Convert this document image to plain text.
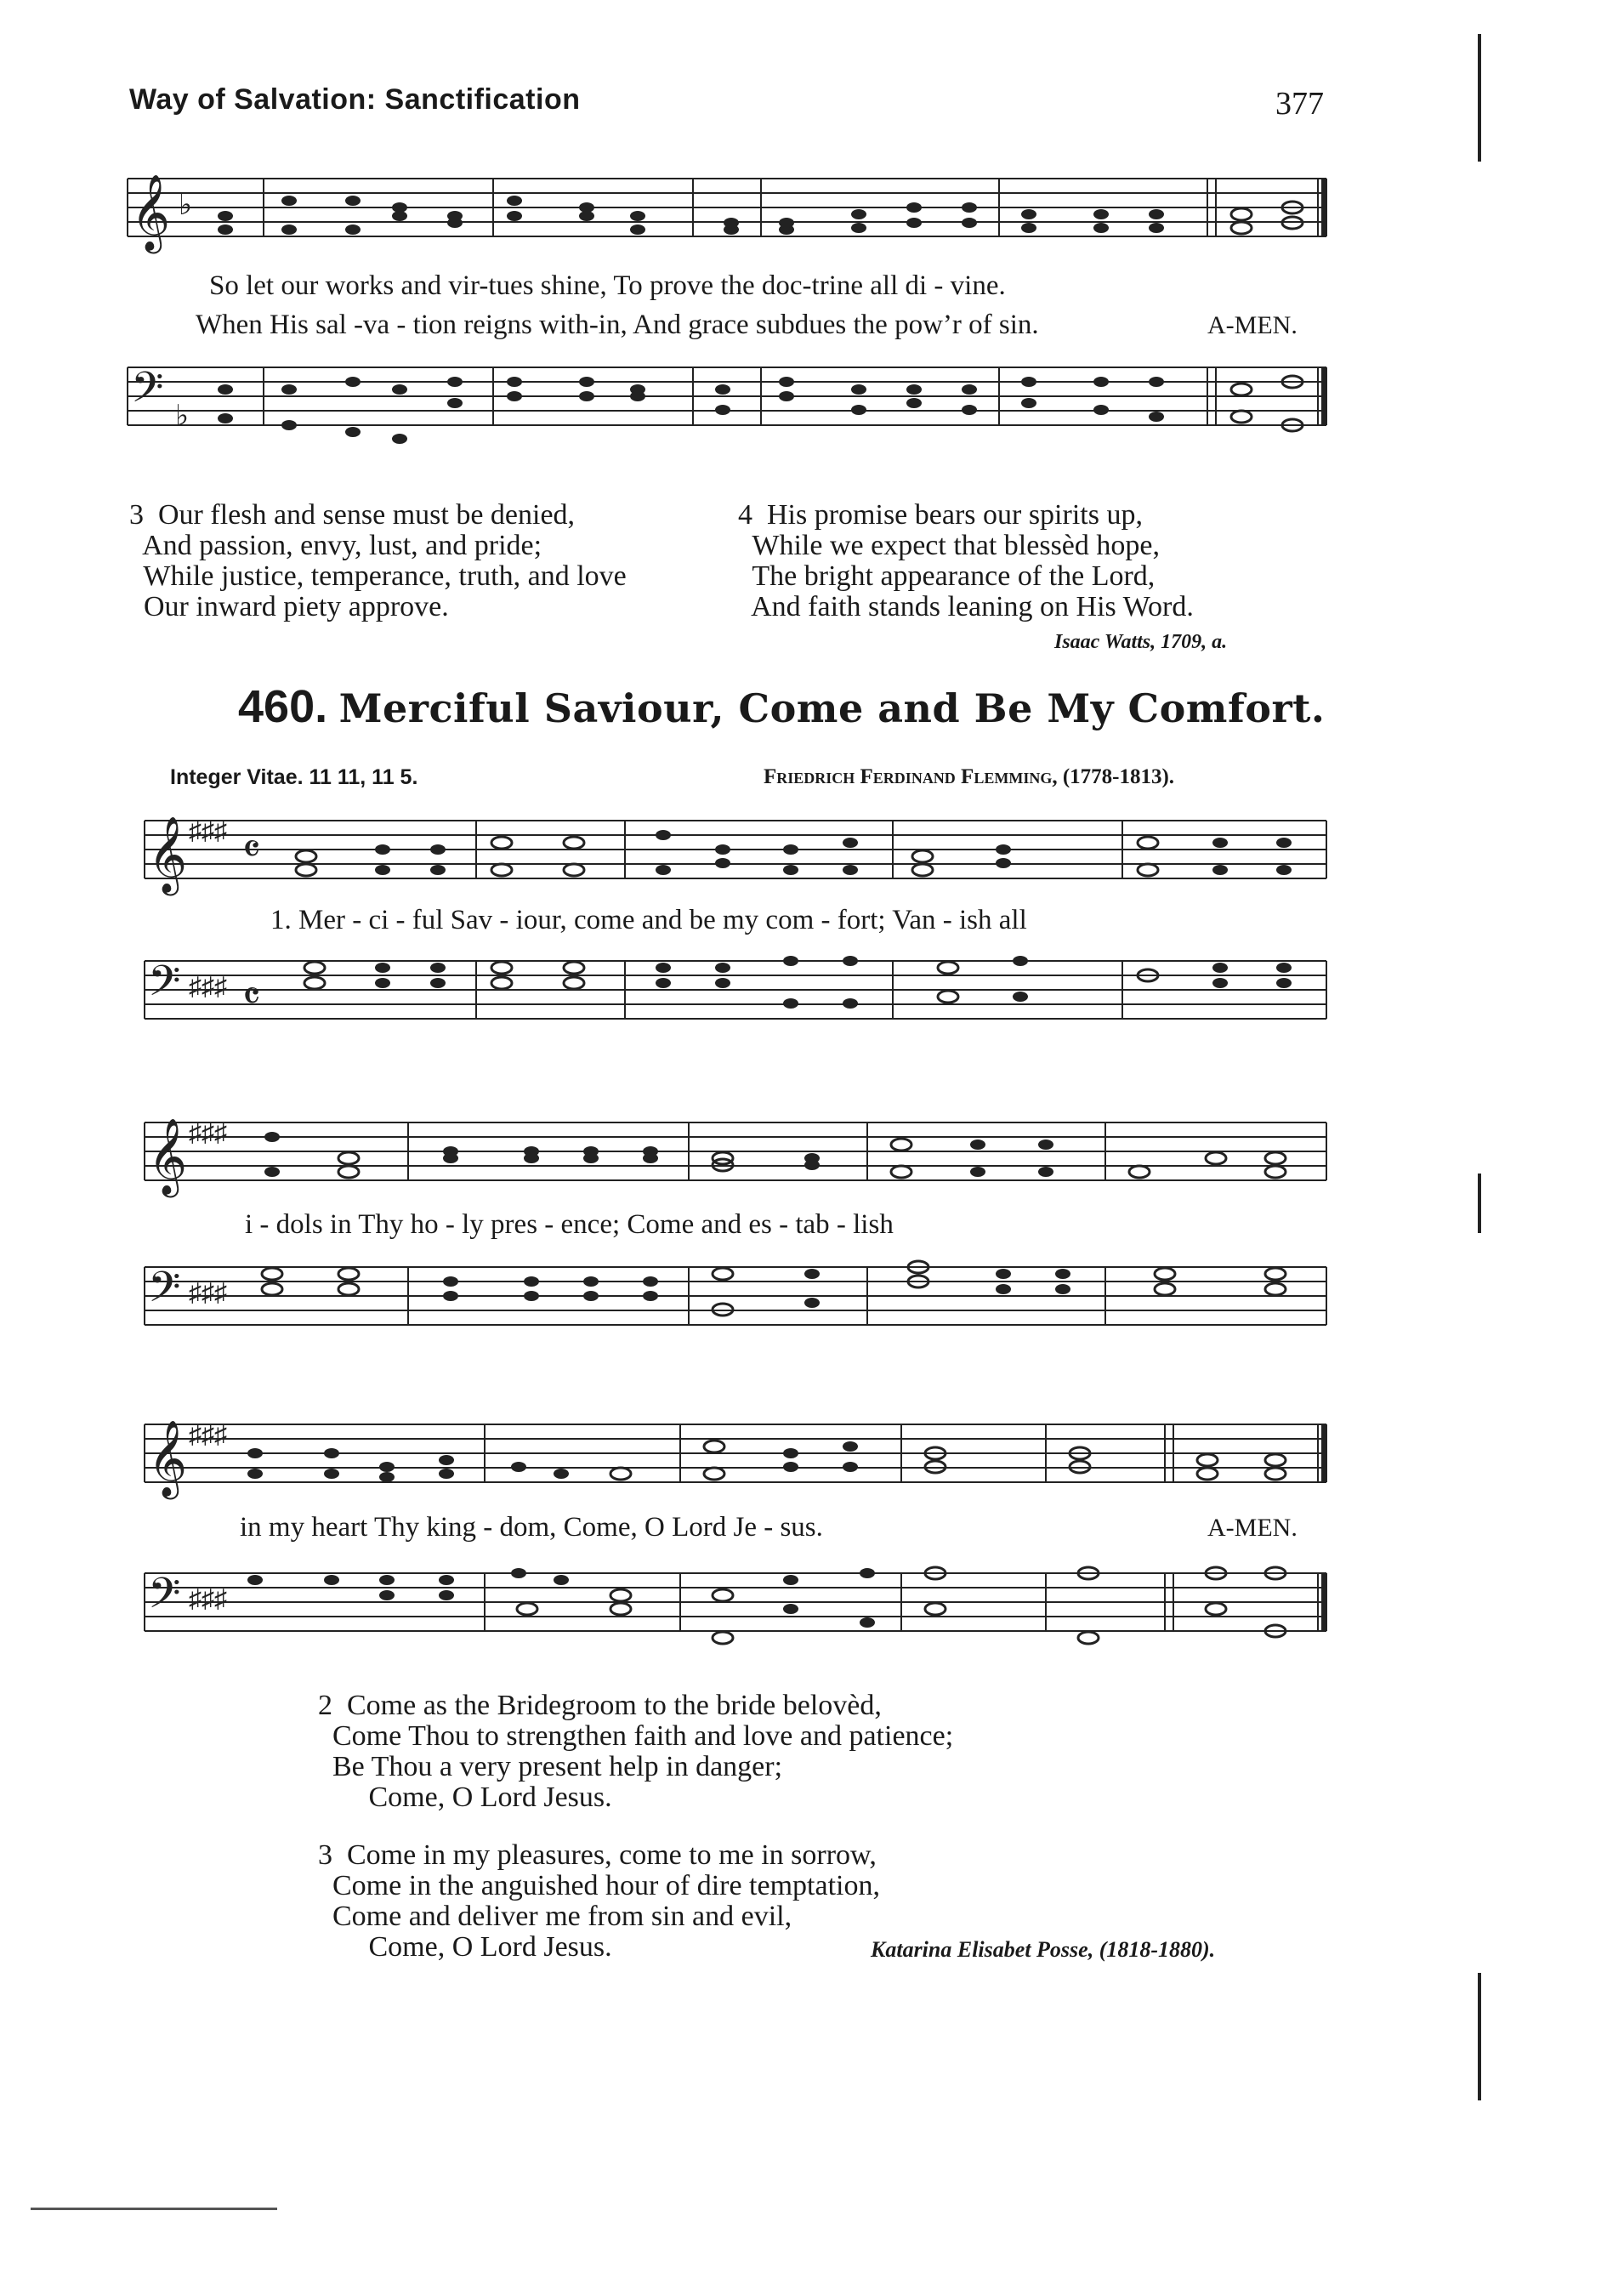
Way of Salvation: Sanctification	377
𝄞 ♭
So let our works and vir-tues shine, To prove the doc-trine all di - vine.
When His sal -va - tion reigns with-in, And grace subdues the pow’r of sin.	A-MEN.
𝄢 ♭
3 Our flesh and sense must be denied,
And passion, envy, lust, and pride;
While justice, temperance, truth, and love
Our inward piety approve.
4 His promise bears our spirits up,
While we expect that blessèd hope,
The bright appearance of the Lord,
And faith stands leaning on His Word.
Isaac Watts, 1709, a.
460. Merciful Saviour, Come and Be My Comfort.
Integer Vitae. 11 11, 11 5.	Friedrich Ferdinand Flemming, (1778-1813).
𝄞 ♯♯♯ 𝄴
1. Mer - ci - ful Sav - iour, come and be my com - fort; Van - ish all
𝄢 ♯♯♯ 𝄴
𝄞 ♯♯♯
i - dols in Thy ho - ly pres - ence; Come and es - tab - lish
𝄢 ♯♯♯
𝄞 ♯♯♯
in my heart Thy king - dom, Come, O Lord Je - sus.	A-MEN.
𝄢 ♯♯♯
2 Come as the Bridegroom to the bride belovèd,
Come Thou to strengthen faith and love and patience;
Be Thou a very present help in danger;
Come, O Lord Jesus.
3 Come in my pleasures, come to me in sorrow,
Come in the anguished hour of dire temptation,
Come and deliver me from sin and evil,
Come, O Lord Jesus.	Katarina Elisabet Posse, (1818-1880).
